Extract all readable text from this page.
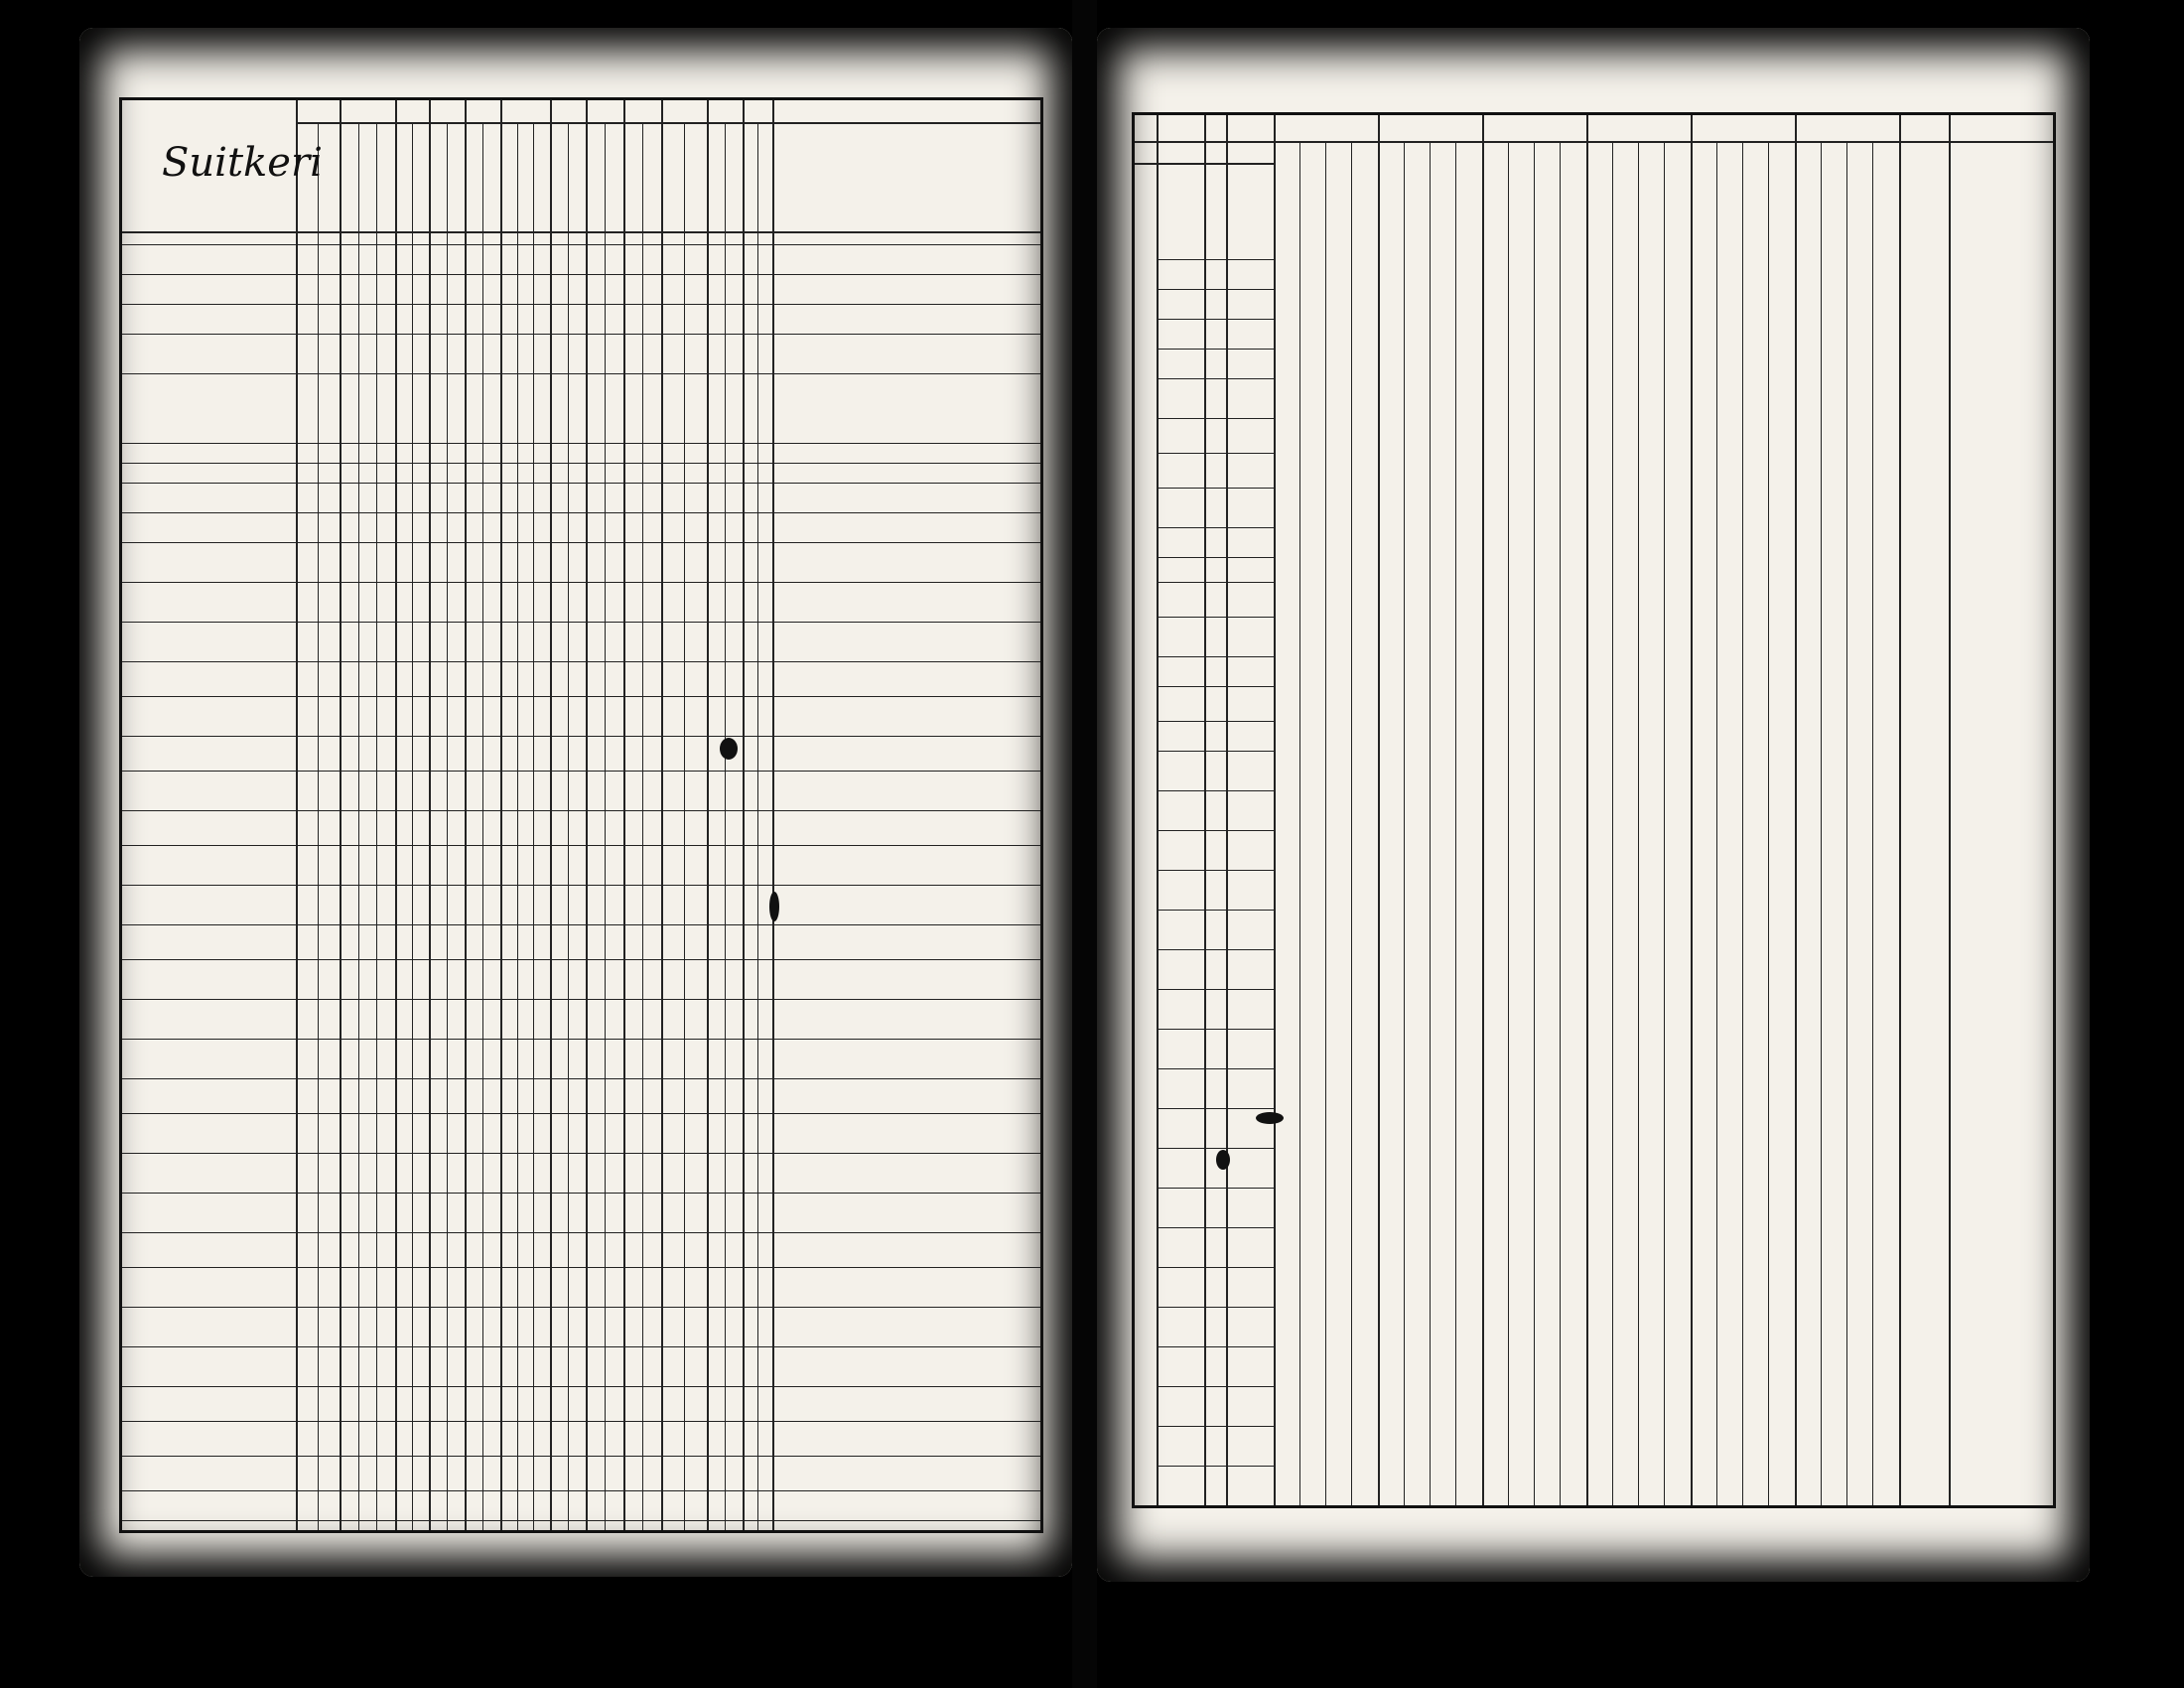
Suitkeri
